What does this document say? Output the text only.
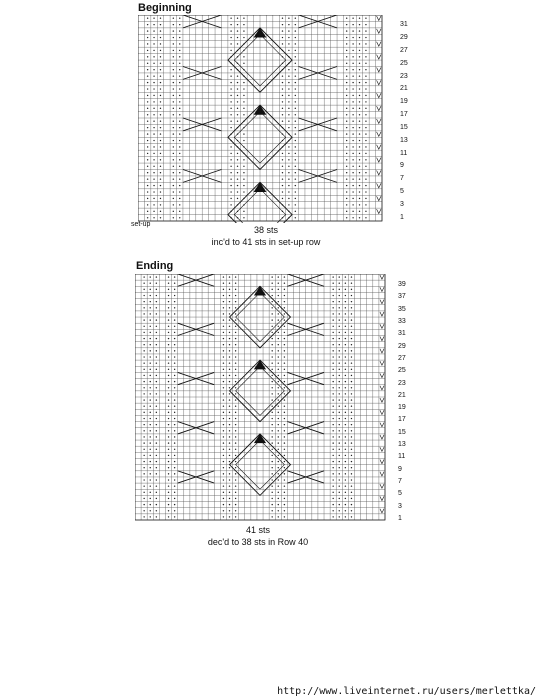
Beginning
31
29
27
25
23
21
19
17
15
13
11
9
7
5
3
1
set-up
38 sts
inc'd to 41 sts in set-up row
Ending
39
37
35
33
31
29
27
25
23
21
19
17
15
13
11
9
7
5
3
1
41 sts
dec'd to 38 sts in Row 40
http://www.liveinternet.ru/users/merlettka/
